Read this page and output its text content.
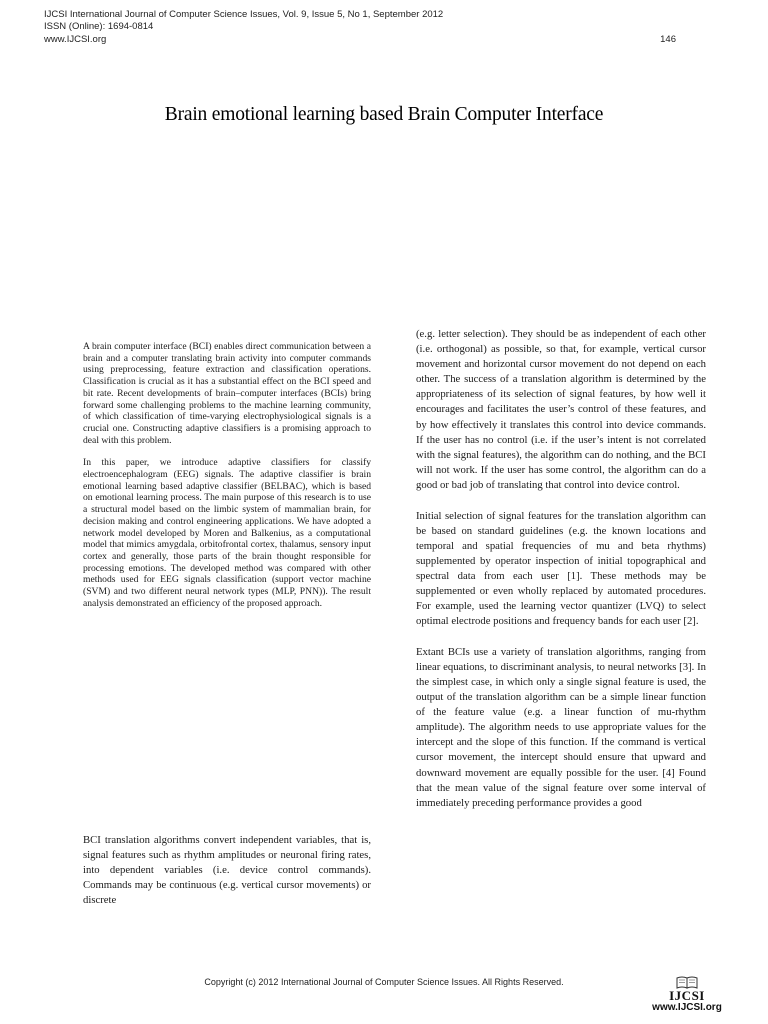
IJCSI International Journal of Computer Science Issues, Vol. 9, Issue 5, No 1, September 2012
ISSN (Online): 1694-0814
www.IJCSI.org	146
Brain emotional learning based Brain Computer Interface

A brain computer interface (BCI) enables direct communication between a brain and a computer translating brain activity into computer commands using preprocessing, feature extraction and classification operations. Classification is crucial as it has a substantial effect on the BCI speed and bit rate. Recent developments of brain–computer interfaces (BCIs) bring forward some challenging problems to the machine learning community, of which classification of time-varying electrophysiological signals is a crucial one. Constructing adaptive classifiers is a promising approach to deal with this problem.

In this paper, we introduce adaptive classifiers for classify electroencephalogram (EEG) signals. The adaptive classifier is brain emotional learning based adaptive classifier (BELBAC), which is based on emotional learning process. The main purpose of this research is to use a structural model based on the limbic system of mammalian brain, for decision making and control engineering applications. We have adopted a network model developed by Moren and Balkenius, as a computational model that mimics amygdala, orbitofrontal cortex, thalamus, sensory input cortex and generally, those parts of the brain thought responsible for processing emotions. The developed method was compared with other methods used for EEG signals classification (support vector machine (SVM) and two different neural network types (MLP, PNN)). The result analysis demonstrated an efficiency of the proposed approach.

BCI translation algorithms convert independent variables, that is, signal features such as rhythm amplitudes or neuronal firing rates, into dependent variables (i.e. device control commands). Commands may be continuous (e.g. vertical cursor movements) or discrete

(e.g. letter selection). They should be as independent of each other (i.e. orthogonal) as possible, so that, for example, vertical cursor movement and horizontal cursor movement do not depend on each other. The success of a translation algorithm is determined by the appropriateness of its selection of signal features, by how well it encourages and facilitates the user’s control of these features, and by how effectively it translates this control into device commands. If the user has no control (i.e. if the user’s intent is not correlated with the signal features), the algorithm can do nothing, and the BCI will not work. If the user has some control, the algorithm can do a good or bad job of translating that control into device control.

Initial selection of signal features for the translation algorithm can be based on standard guidelines (e.g. the known locations and temporal and spatial frequencies of mu and beta rhythms) supplemented by operator inspection of initial topographical and spectral data from each user [1]. These methods may be supplemented or even wholly replaced by automated procedures. For example, used the learning vector quantizer (LVQ) to select optimal electrode positions and frequency bands for each user [2].

Extant BCIs use a variety of translation algorithms, ranging from linear equations, to discriminant analysis, to neural networks [3]. In the simplest case, in which only a single signal feature is used, the output of the translation algorithm can be a simple linear function of the feature value (e.g. a linear function of mu-rhythm amplitude). The algorithm needs to use appropriate values for the intercept and the slope of this function. If the command is vertical cursor movement, the intercept should ensure that upward and downward movement are equally possible for the user. [4] Found that the mean value of the signal feature over some interval of immediately preceding performance provides a good

Copyright (c) 2012 International Journal of Computer Science Issues. All Rights Reserved.
IJCSI
www.IJCSI.org
